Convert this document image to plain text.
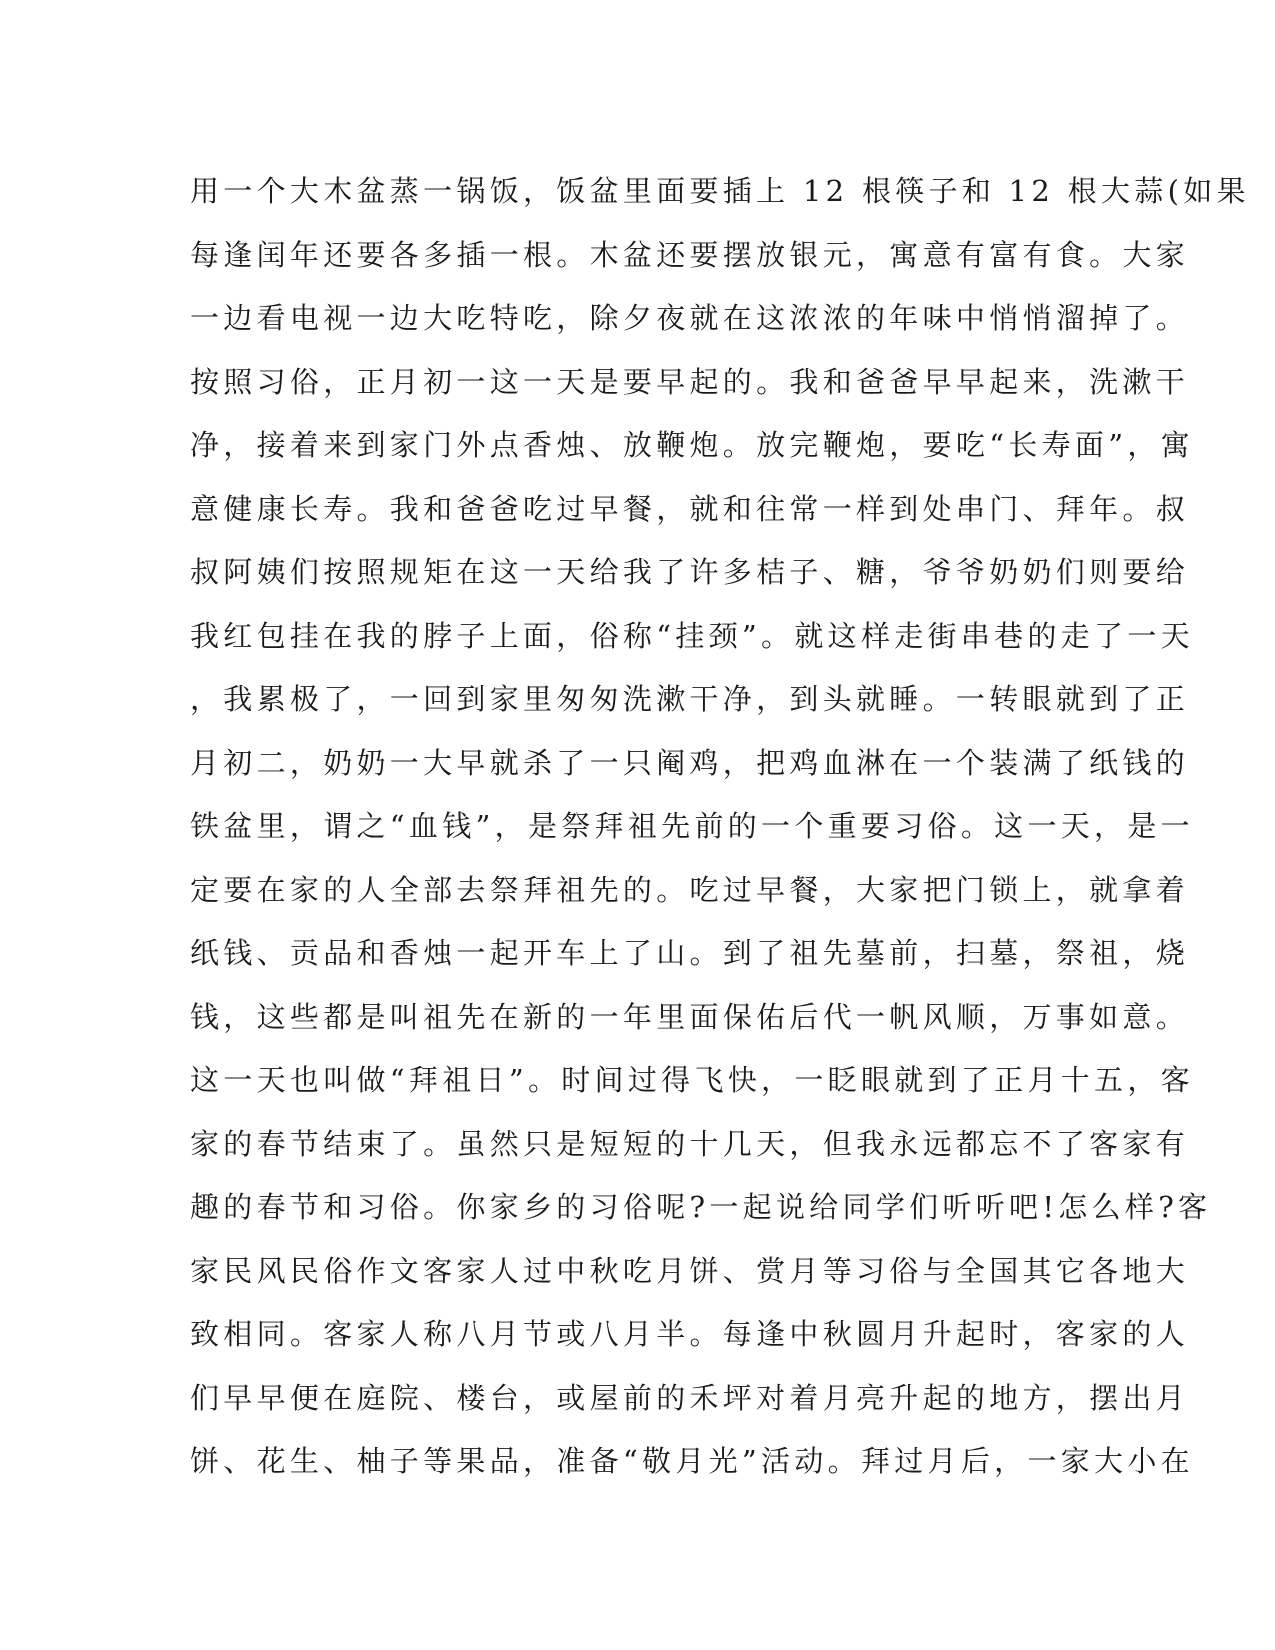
用一个大木盆蒸一锅饭，饭盆里面要插上 12 根筷子和 12 根大蒜(如果
每逢闰年还要各多插一根。木盆还要摆放银元，寓意有富有食。大家
一边看电视一边大吃特吃，除夕夜就在这浓浓的年味中悄悄溜掉了。
按照习俗，正月初一这一天是要早起的。我和爸爸早早起来，洗漱干
净，接着来到家门外点香烛、放鞭炮。放完鞭炮，要吃“长寿面”，寓
意健康长寿。我和爸爸吃过早餐，就和往常一样到处串门、拜年。叔
叔阿姨们按照规矩在这一天给我了许多桔子、糖，爷爷奶奶们则要给
我红包挂在我的脖子上面，俗称“挂颈”。就这样走街串巷的走了一天
，我累极了，一回到家里匆匆洗漱干净，到头就睡。一转眼就到了正
月初二，奶奶一大早就杀了一只阉鸡，把鸡血淋在一个装满了纸钱的
铁盆里，谓之“血钱”，是祭拜祖先前的一个重要习俗。这一天，是一
定要在家的人全部去祭拜祖先的。吃过早餐，大家把门锁上，就拿着
纸钱、贡品和香烛一起开车上了山。到了祖先墓前，扫墓，祭祖，烧
钱，这些都是叫祖先在新的一年里面保佑后代一帆风顺，万事如意。
这一天也叫做“拜祖日”。时间过得飞快，一眨眼就到了正月十五，客
家的春节结束了。虽然只是短短的十几天，但我永远都忘不了客家有
趣的春节和习俗。你家乡的习俗呢?一起说给同学们听听吧!怎么样?客
家民风民俗作文客家人过中秋吃月饼、赏月等习俗与全国其它各地大
致相同。客家人称八月节或八月半。每逢中秋圆月升起时，客家的人
们早早便在庭院、楼台，或屋前的禾坪对着月亮升起的地方，摆出月
饼、花生、柚子等果品，准备“敬月光”活动。拜过月后，一家大小在
